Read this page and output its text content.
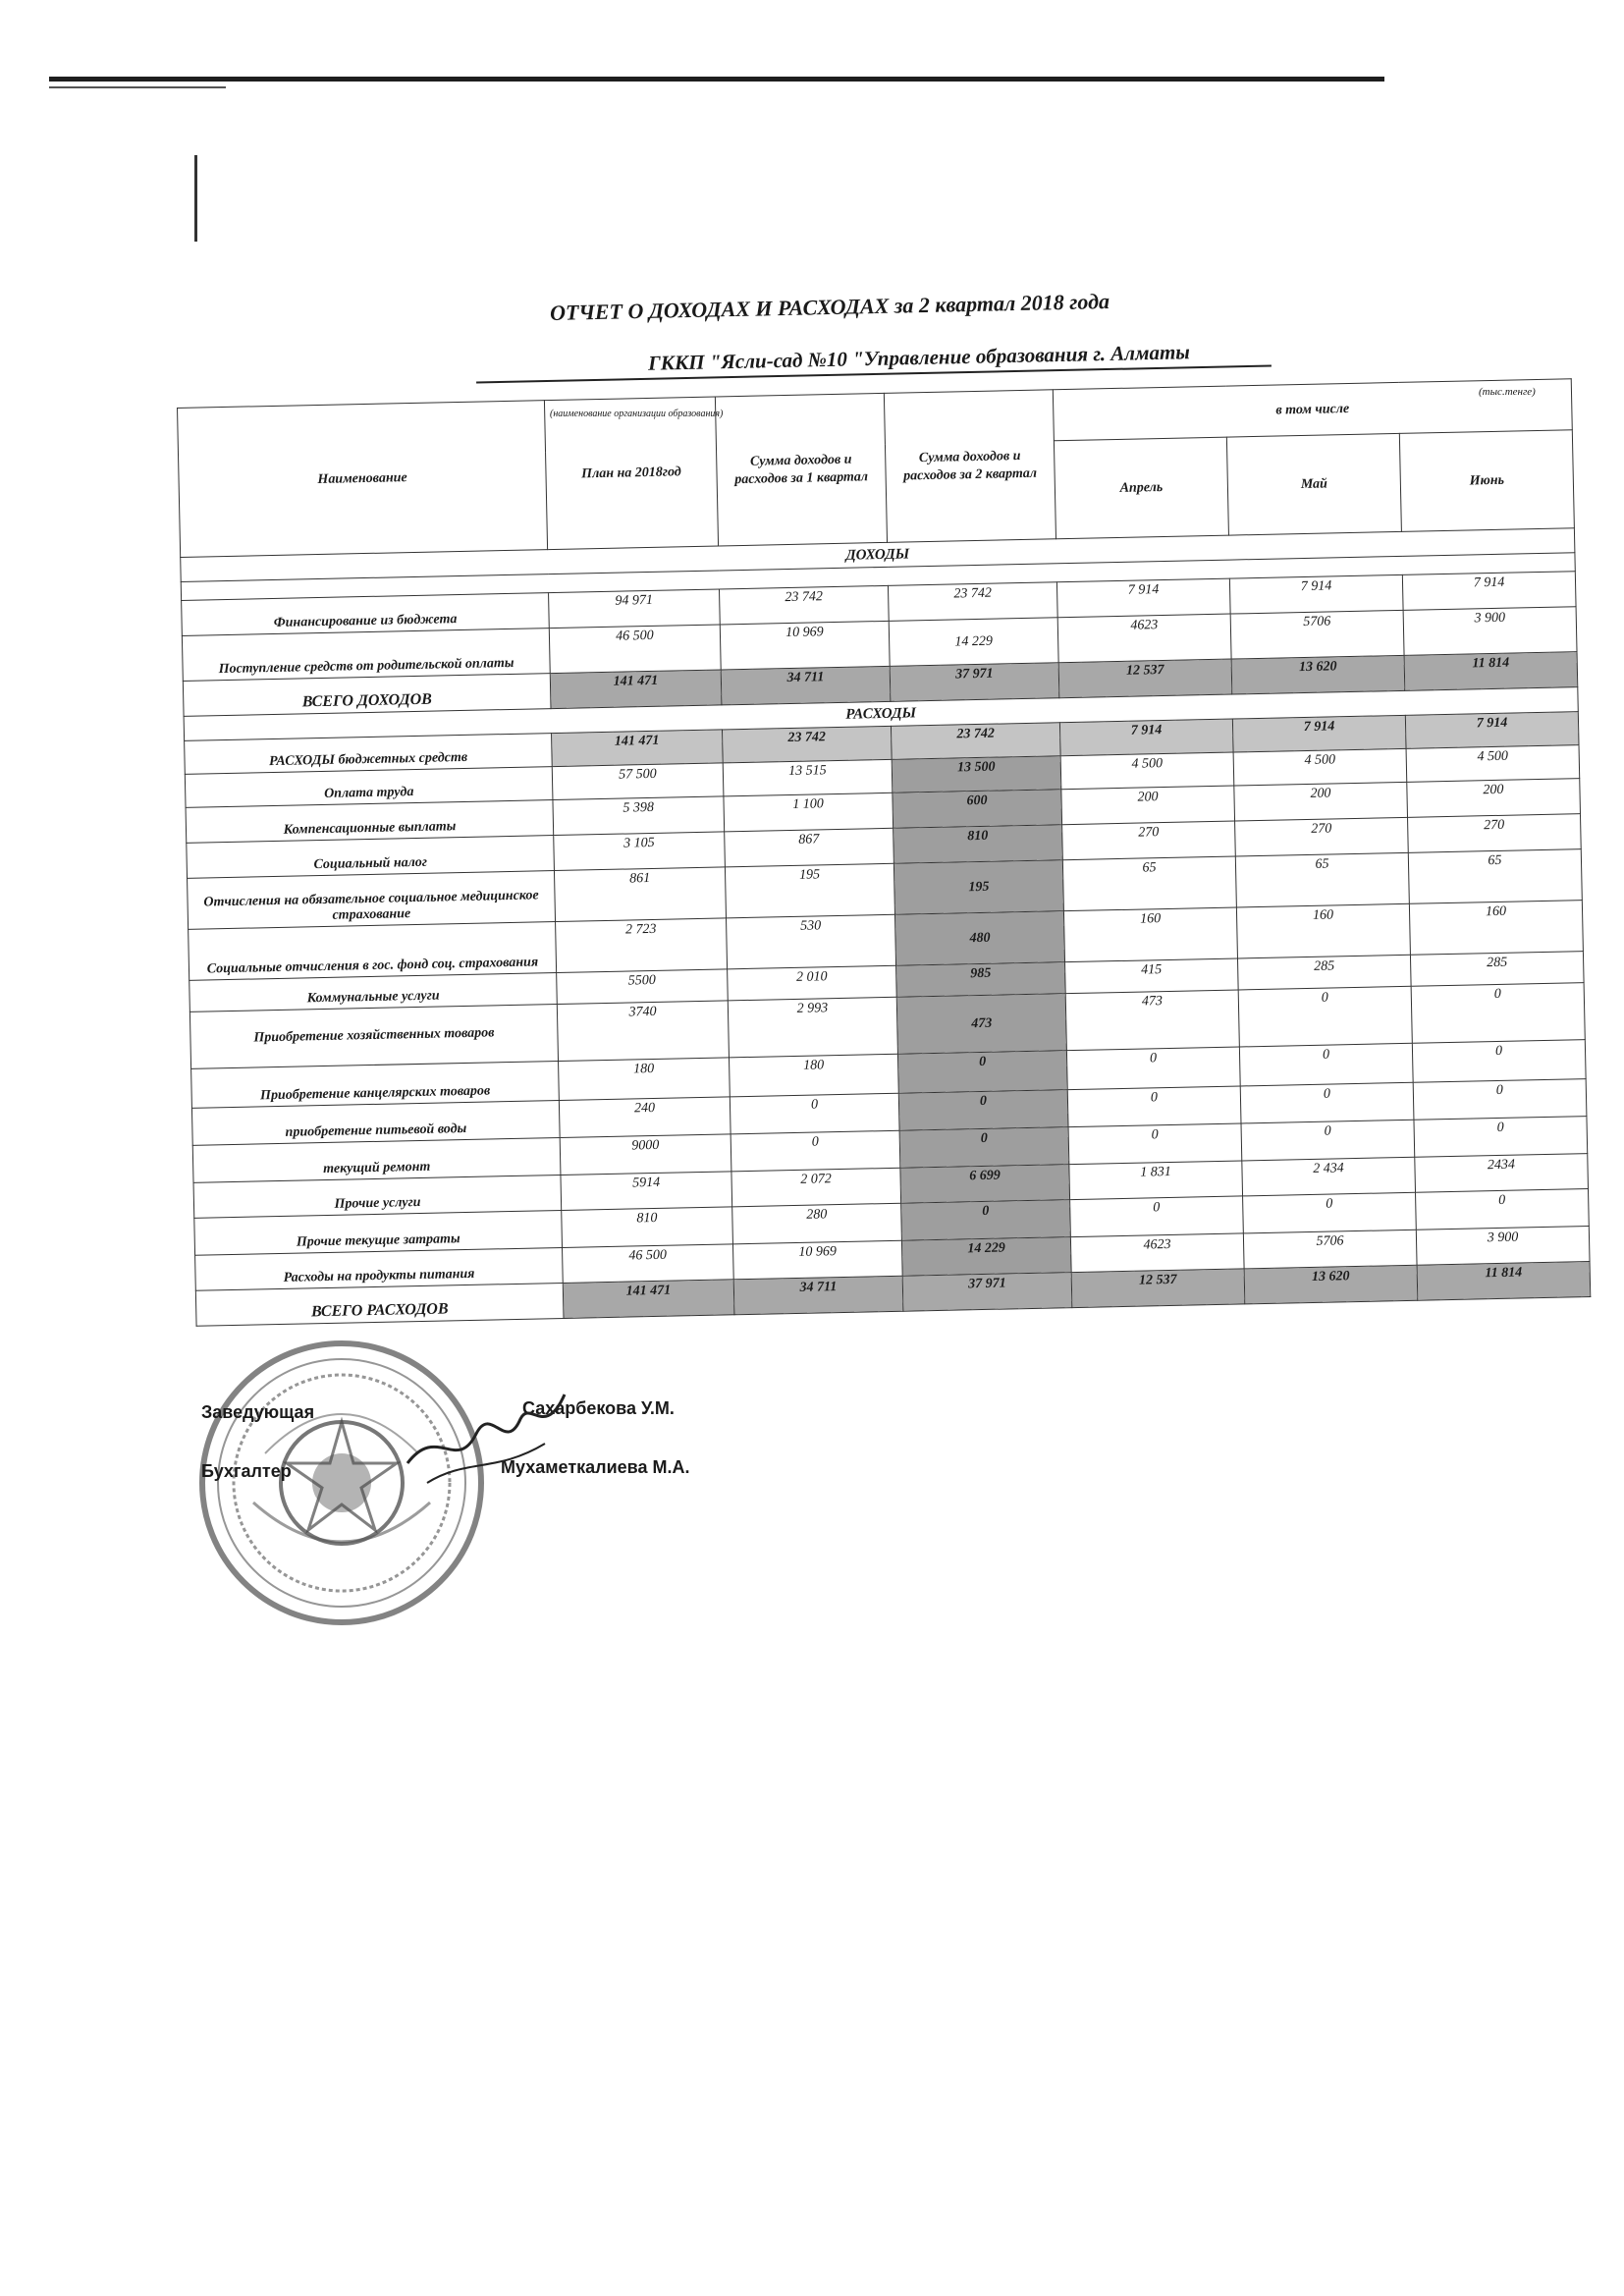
ОТЧЕТ О ДОХОДАХ И РАСХОДАХ за 2 квартал 2018 года
ГККП "Ясли-сад №10 "Управление образования г. Алматы
(наименование организации образования)
(тыс.тенге)
Наименование	План на 2018год	Сумма доходов и расходов за 1 квартал	Сумма доходов и расходов за 2 квартал	в том числе		
				Апрель	Май	Июнь
ДОХОДЫ						

Финансирование из бюджета	94 971	23 742	23 742	7 914	7 914	7 914
Поступление средств от родительской оплаты	46 500	10 969	14 229	4623	5706	3 900
ВСЕГО ДОХОДОВ	141 471	34 711	37 971	12 537	13 620	11 814
РАСХОДЫ						
РАСХОДЫ бюджетных средств	141 471	23 742	23 742	7 914	7 914	7 914
Оплата труда	57 500	13 515	13 500	4 500	4 500	4 500
Компенсационные выплаты	5 398	1 100	600	200	200	200
Социальный налог	3 105	867	810	270	270	270
Отчисления на обязательное социальное медицинское страхование	861	195	195	65	65	65
Социальные отчисления в гос. фонд соц. страхования	2 723	530	480	160	160	160
Коммунальные услуги	5500	2 010	985	415	285	285
Приобретение хозяйственных товаров	3740	2 993	473	473	0	0
Приобретение канцелярских товаров	180	180	0	0	0	0
приобретение питьевой воды	240	0	0	0	0	0
текущий ремонт	9000	0	0	0	0	0
Прочие услуги	5914	2 072	6 699	1 831	2 434	2434
Прочие текущие затраты	810	280	0	0	0	0
Расходы на продукты питания	46 500	10 969	14 229	4623	5706	3 900
ВСЕГО РАСХОДОВ	141 471	34 711	37 971	12 537	13 620	11 814
Заведующая	Сахарбекова У.М.
Бухгалтер	Мухаметкалиева М.А.
